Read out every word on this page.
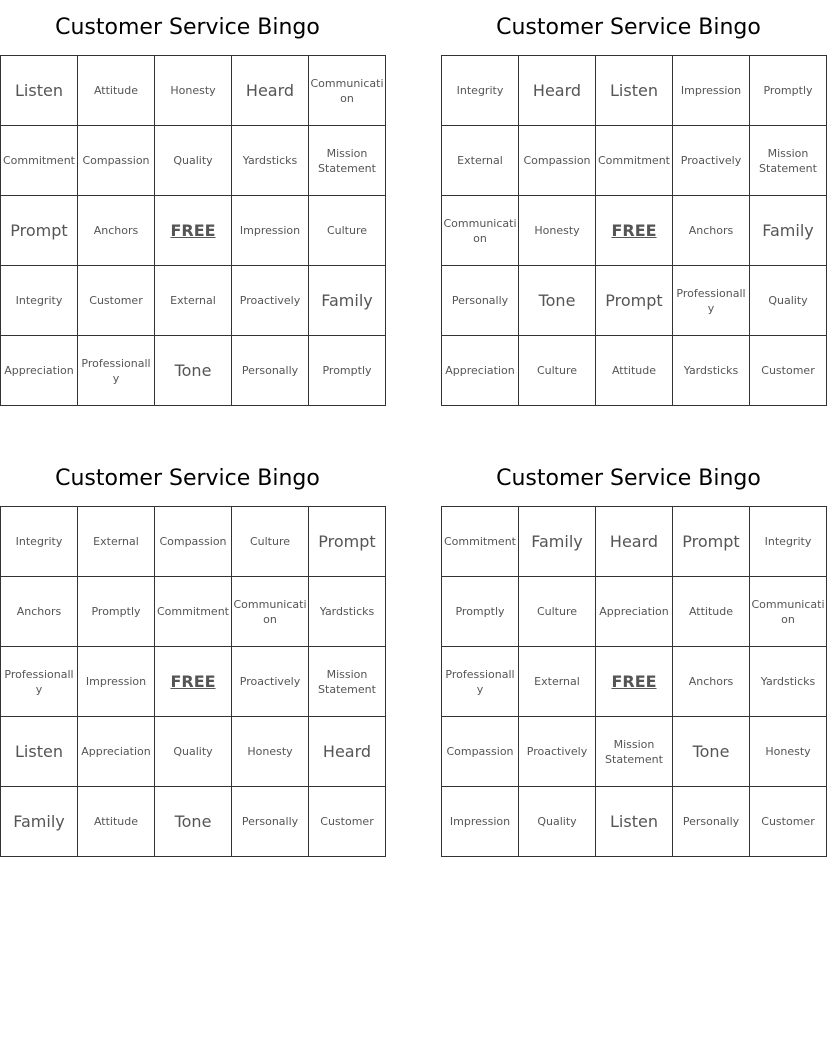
Customer Service Bingo
Listen	Attitude	Honesty	Heard	Communication
Commitment	Compassion	Quality	Yardsticks	Mission Statement
Prompt	Anchors	FREE	Impression	Culture
Integrity	Customer	External	Proactively	Family
Appreciation	Professionally	Tone	Personally	Promptly
Customer Service Bingo
Integrity	Heard	Listen	Impression	Promptly
External	Compassion	Commitment	Proactively	Mission Statement
Communication	Honesty	FREE	Anchors	Family
Personally	Tone	Prompt	Professionally	Quality
Appreciation	Culture	Attitude	Yardsticks	Customer
Customer Service Bingo
Integrity	External	Compassion	Culture	Prompt
Anchors	Promptly	Commitment	Communication	Yardsticks
Professionally	Impression	FREE	Proactively	Mission Statement
Listen	Appreciation	Quality	Honesty	Heard
Family	Attitude	Tone	Personally	Customer
Customer Service Bingo
Commitment	Family	Heard	Prompt	Integrity
Promptly	Culture	Appreciation	Attitude	Communication
Professionally	External	FREE	Anchors	Yardsticks
Compassion	Proactively	Mission Statement	Tone	Honesty
Impression	Quality	Listen	Personally	Customer
